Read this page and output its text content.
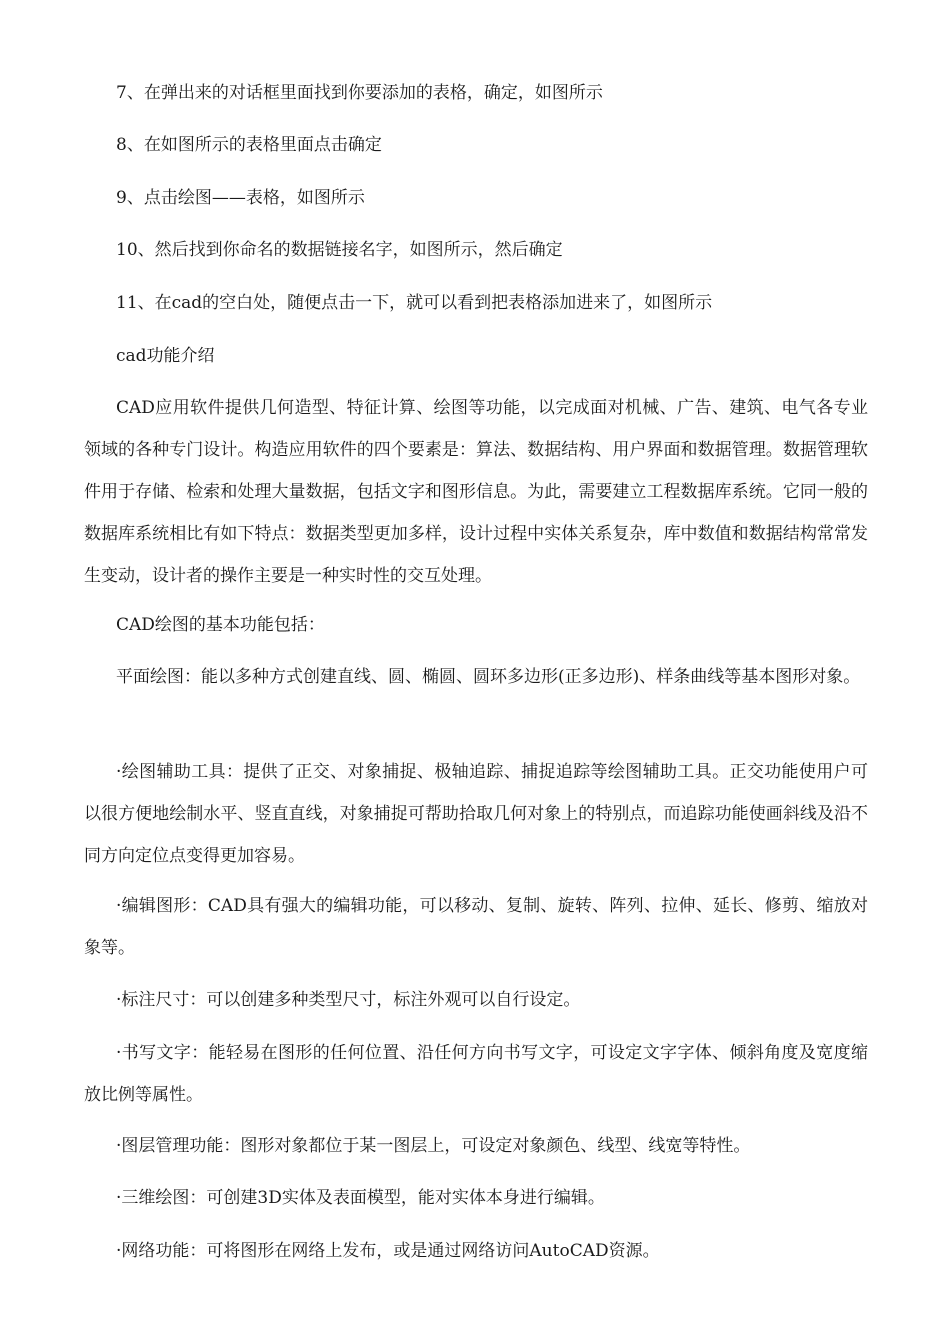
7、在弹出来的对话框里面找到你要添加的表格，确定，如图所示

8、在如图所示的表格里面点击确定

9、点击绘图——表格，如图所示

10、然后找到你命名的数据链接名字，如图所示，然后确定

11、在cad的空白处，随便点击一下，就可以看到把表格添加进来了，如图所示

cad功能介绍

CAD应用软件提供几何造型、特征计算、绘图等功能，以完成面对机械、广告、建筑、电气各专业领域的各种专门设计。构造应用软件的四个要素是：算法、数据结构、用户界面和数据管理。数据管理软件用于存储、检索和处理大量数据，包括文字和图形信息。为此，需要建立工程数据库系统。它同一般的数据库系统相比有如下特点：数据类型更加多样，设计过程中实体关系复杂，库中数值和数据结构常常发生变动，设计者的操作主要是一种实时性的交互处理。

CAD绘图的基本功能包括：

平面绘图：能以多种方式创建直线、圆、椭圆、圆环多边形(正多边形)、样条曲线等基本图形对象。

·绘图辅助工具：提供了正交、对象捕捉、极轴追踪、捕捉追踪等绘图辅助工具。正交功能使用户可以很方便地绘制水平、竖直直线，对象捕捉可帮助拾取几何对象上的特别点，而追踪功能使画斜线及沿不同方向定位点变得更加容易。

·编辑图形：CAD具有强大的编辑功能，可以移动、复制、旋转、阵列、拉伸、延长、修剪、缩放对象等。

·标注尺寸：可以创建多种类型尺寸，标注外观可以自行设定。

·书写文字：能轻易在图形的任何位置、沿任何方向书写文字，可设定文字字体、倾斜角度及宽度缩放比例等属性。

·图层管理功能：图形对象都位于某一图层上，可设定对象颜色、线型、线宽等特性。

·三维绘图：可创建3D实体及表面模型，能对实体本身进行编辑。

·网络功能：可将图形在网络上发布，或是通过网络访问AutoCAD资源。
